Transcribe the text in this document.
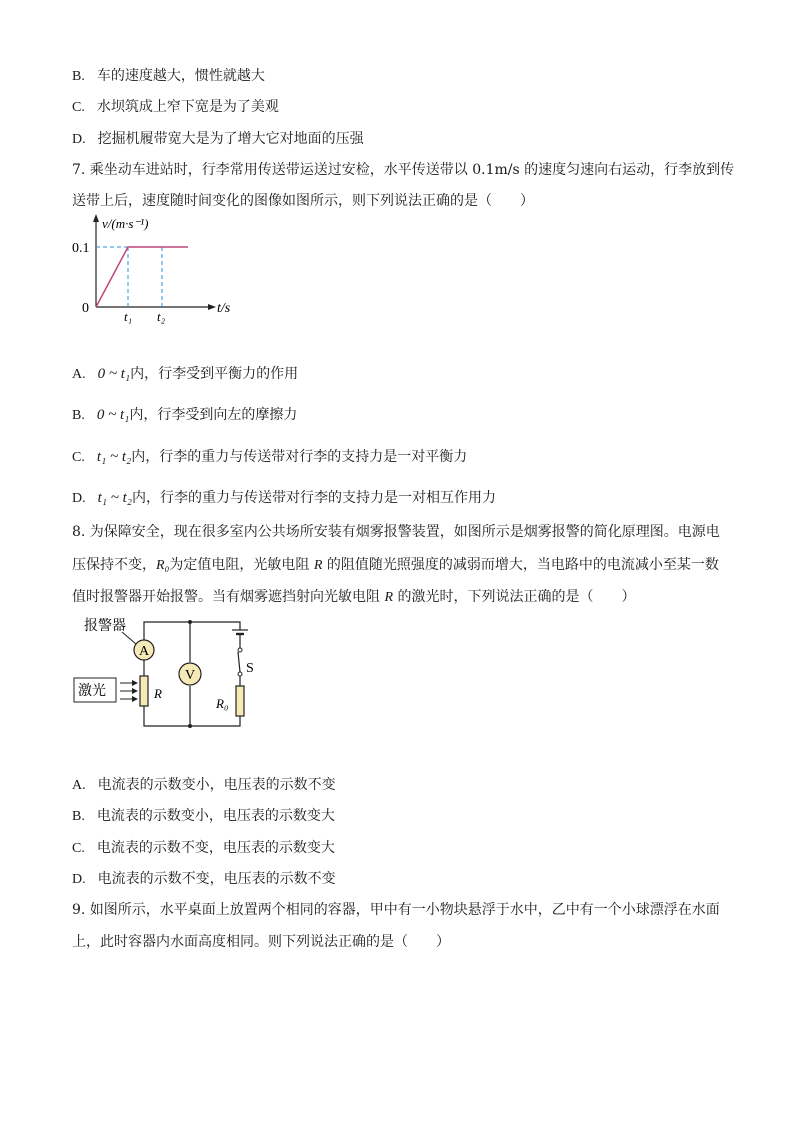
B. 车的速度越大，惯性就越大
C. 水坝筑成上窄下宽是为了美观
D. 挖掘机履带宽大是为了增大它对地面的压强
7. 乘坐动车进站时，行李常用传送带运送过安检，水平传送带以 0.1m/s 的速度匀速向右运动，行李放到传
送带上后，速度随时间变化的图像如图所示，则下列说法正确的是（　　）
v/(m·s⁻¹)
0.1
0
t₁ t₂
t/s
A. 0 ~ t₁内，行李受到平衡力的作用
B. 0 ~ t₁内，行李受到向左的摩擦力
C. t₁ ~ t₂内，行李的重力与传送带对行李的支持力是一对平衡力
D. t₁ ~ t₂内，行李的重力与传送带对行李的支持力是一对相互作用力
8. 为保障安全，现在很多室内公共场所安装有烟雾报警装置，如图所示是烟雾报警的简化原理图。电源电
压保持不变，R₀为定值电阻，光敏电阻 R 的阻值随光照强度的减弱而增大，当电路中的电流减小至某一数
值时报警器开始报警。当有烟雾遮挡射向光敏电阻 R 的激光时，下列说法正确的是（　　）
A
报警器
R
激光
V	S
R₀
A. 电流表的示数变小，电压表的示数不变
B. 电流表的示数变小，电压表的示数变大
C. 电流表的示数不变，电压表的示数变大
D. 电流表的示数不变，电压表的示数不变
9. 如图所示，水平桌面上放置两个相同的容器，甲中有一小物块悬浮于水中，乙中有一个小球漂浮在水面
上，此时容器内水面高度相同。则下列说法正确的是（　　）
